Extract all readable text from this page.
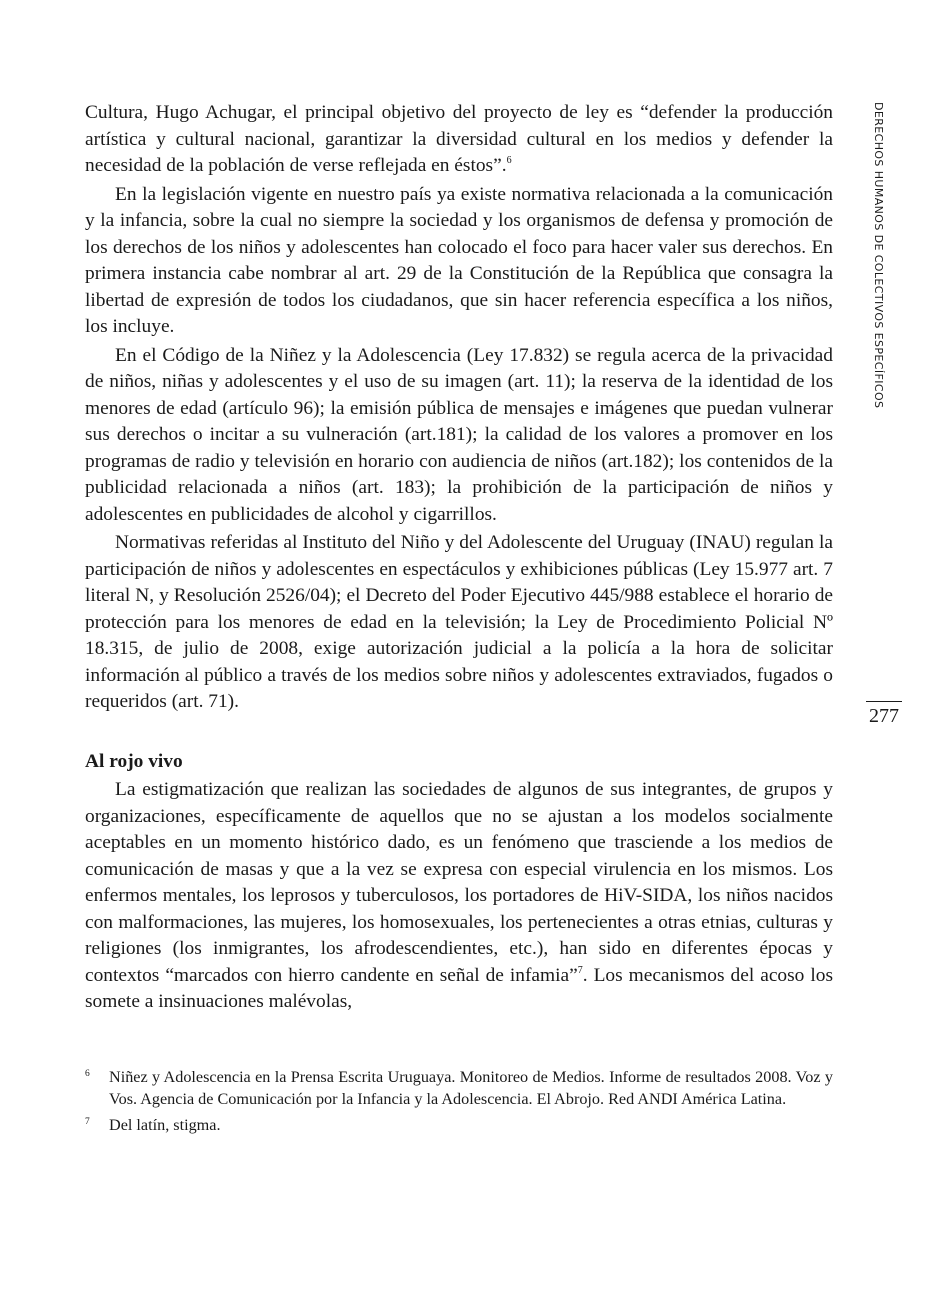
DERECHOS HUMANOS DE COLECTIVOS ESPECÍFICOS
277

Cultura, Hugo Achugar, el principal objetivo del proyecto de ley es “defender la producción artística y cultural nacional, garantizar la diversidad cultural en los medios y defender la necesidad de la población de verse reflejada en éstos”.$^6$

En la legislación vigente en nuestro país ya existe normativa relacionada a la comunicación y la infancia, sobre la cual no siempre la sociedad y los organismos de defensa y promoción de los derechos de los niños y adolescentes han colocado el foco para hacer valer sus derechos. En primera instancia cabe nombrar al art. 29 de la Constitución de la República que consagra la libertad de expresión de todos los ciudadanos, que sin hacer referencia específica a los niños, los incluye.

En el Código de la Niñez y la Adolescencia (Ley 17.832) se regula acerca de la privacidad de niños, niñas y adolescentes y el uso de su imagen (art. 11); la reserva de la identidad de los menores de edad (artículo 96); la emisión pública de mensajes e imágenes que puedan vulnerar sus derechos o incitar a su vulneración (art.181); la calidad de los valores a promover en los programas de radio y televisión en horario con audiencia de niños (art.182); los contenidos de la publicidad relacionada a niños (art. 183); la prohibición de la participación de niños y adolescentes en publicidades de alcohol y cigarrillos.

Normativas referidas al Instituto del Niño y del Adolescente del Uruguay (INAU) regulan la participación de niños y adolescentes en espectáculos y exhibiciones públicas (Ley 15.977 art. 7 literal N, y Resolución 2526/04); el Decreto del Poder Ejecutivo 445/988 establece el horario de protección para los menores de edad en la televisión; la Ley de Procedimiento Policial Nº 18.315, de julio de 2008, exige autorización judicial a la policía a la hora de solicitar información al público a través de los medios sobre niños y adolescentes extraviados, fugados o requeridos (art. 71).

Al rojo vivo

La estigmatización que realizan las sociedades de algunos de sus integrantes, de grupos y organizaciones, específicamente de aquellos que no se ajustan a los modelos socialmente aceptables en un momento histórico dado, es un fenómeno que trasciende a los medios de comunicación de masas y que a la vez se expresa con especial virulencia en los mismos. Los enfermos mentales, los leprosos y tuberculosos, los portadores de HiV-SIDA, los niños nacidos con malformaciones, las mujeres, los homosexuales, los pertenecientes a otras etnias, culturas y religiones (los inmigrantes, los afrodescendientes, etc.), han sido en diferentes épocas y contextos “marcados con hierro candente en señal de infamia”$^7$. Los mecanismos del acoso los somete a insinuaciones malévolas,

6 Niñez y Adolescencia en la Prensa Escrita Uruguaya. Monitoreo de Medios. Informe de resultados 2008. Voz y Vos. Agencia de Comunicación por la Infancia y la Adolescencia. El Abrojo. Red ANDI América Latina.
7 Del latín, stigma.
